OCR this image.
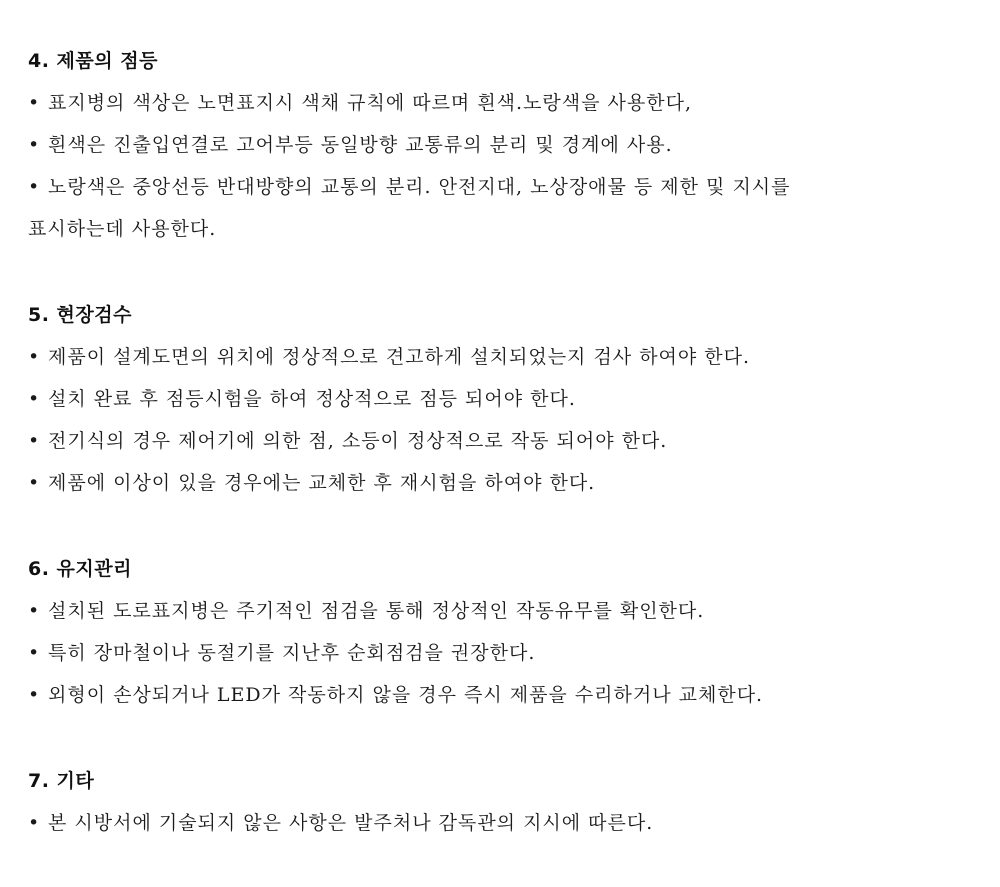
4. 제품의 점등
• 표지병의 색상은 노면표지시 색채 규칙에 따르며 흰색.노랑색을 사용한다,
• 흰색은 진출입연결로 고어부등 동일방향 교통류의 분리 및 경계에 사용.
• 노랑색은 중앙선등 반대방향의 교통의 분리. 안전지대, 노상장애물 등 제한 및 지시를
표시하는데 사용한다.
5. 현장검수
• 제품이 설계도면의 위치에 정상적으로 견고하게 설치되었는지 검사 하여야 한다.
• 설치 완료 후 점등시험을 하여 정상적으로 점등 되어야 한다.
• 전기식의 경우 제어기에 의한 점, 소등이 정상적으로 작동 되어야 한다.
• 제품에 이상이 있을 경우에는 교체한 후 재시험을 하여야 한다.
6. 유지관리
• 설치된 도로표지병은 주기적인 점검을 통해 정상적인 작동유무를 확인한다.
• 특히 장마철이나 동절기를 지난후 순회점검을 권장한다.
• 외형이 손상되거나 LED가 작동하지 않을 경우 즉시 제품을 수리하거나 교체한다.
7. 기타
• 본 시방서에 기술되지 않은 사항은 발주처나 감독관의 지시에 따른다.
